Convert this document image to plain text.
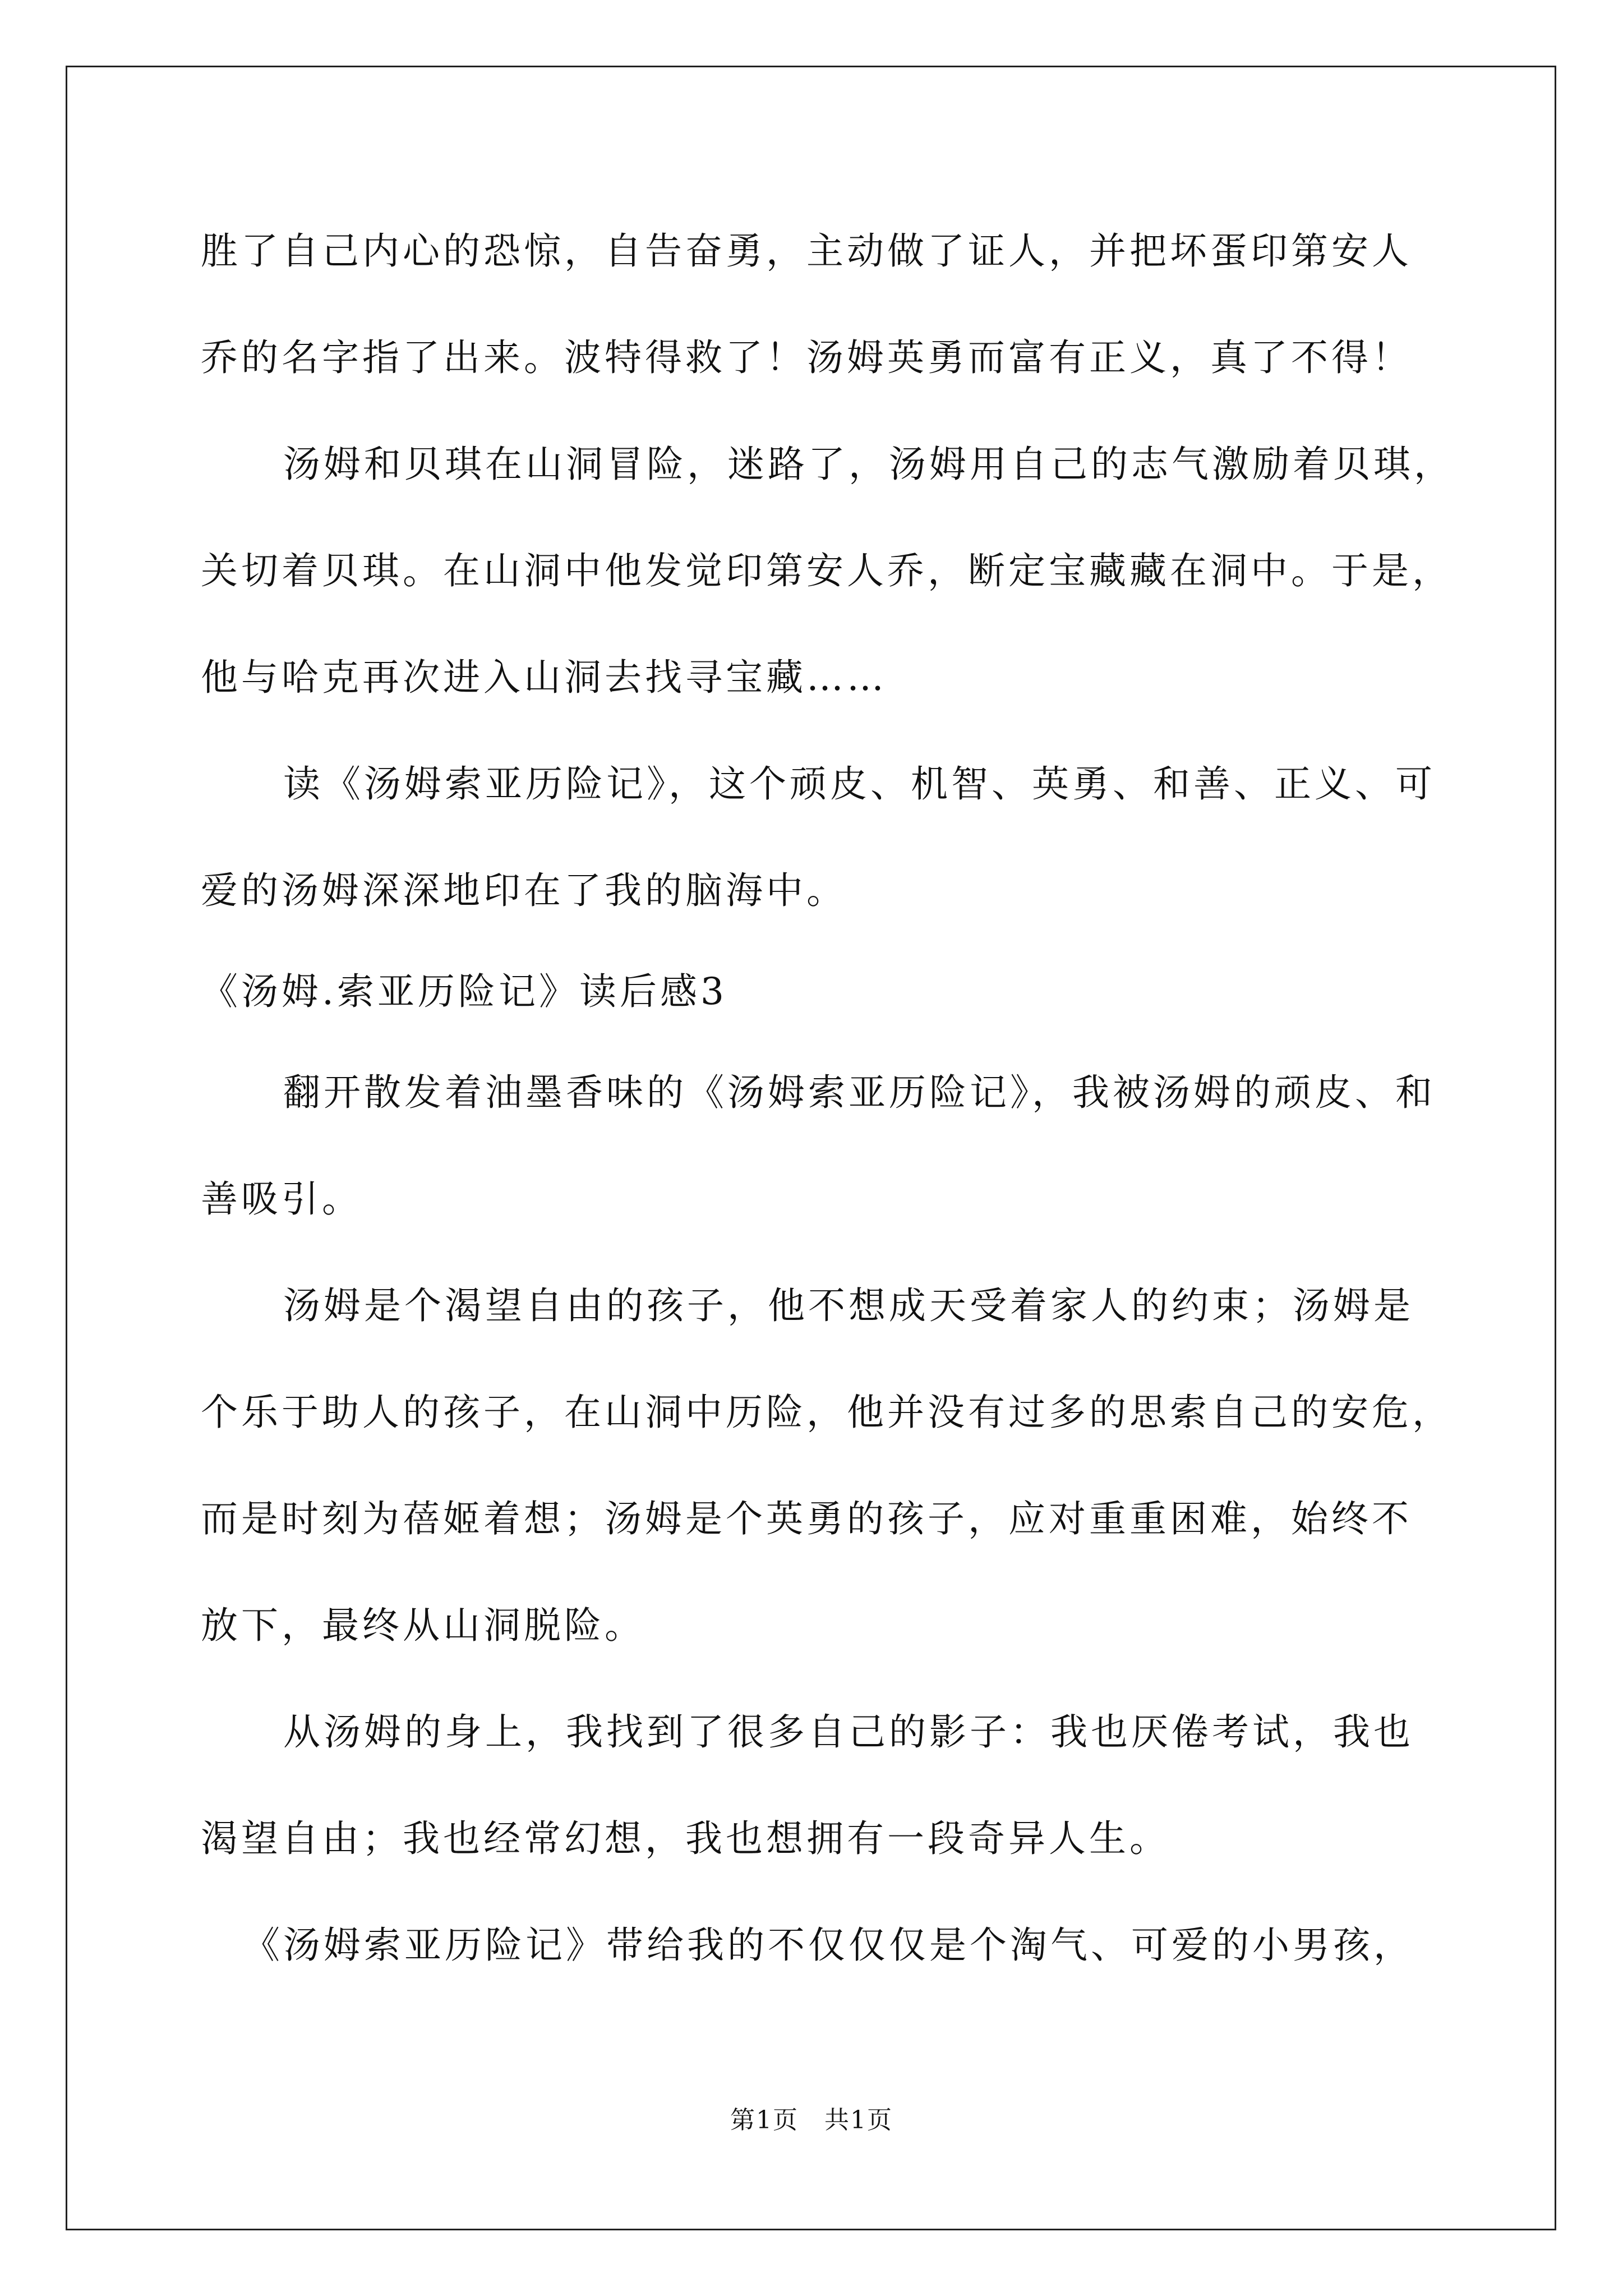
胜了自己内心的恐惊，自告奋勇，主动做了证人，并把坏蛋印第安人
乔的名字指了出来。波特得救了！汤姆英勇而富有正义，真了不得！
汤姆和贝琪在山洞冒险，迷路了，汤姆用自己的志气激励着贝琪，
关切着贝琪。在山洞中他发觉印第安人乔，断定宝藏藏在洞中。于是，
他与哈克再次进入山洞去找寻宝藏……
读《汤姆索亚历险记》，这个顽皮、机智、英勇、和善、正义、可
爱的汤姆深深地印在了我的脑海中。
《汤姆.索亚历险记》读后感3
翻开散发着油墨香味的《汤姆索亚历险记》，我被汤姆的顽皮、和
善吸引。
汤姆是个渴望自由的孩子，他不想成天受着家人的约束；汤姆是
个乐于助人的孩子，在山洞中历险，他并没有过多的思索自己的安危，
而是时刻为蓓姬着想；汤姆是个英勇的孩子，应对重重困难，始终不
放下，最终从山洞脱险。
从汤姆的身上，我找到了很多自己的影子：我也厌倦考试，我也
渴望自由；我也经常幻想，我也想拥有一段奇异人生。
《汤姆索亚历险记》带给我的不仅仅仅是个淘气、可爱的小男孩，
第1页　共1页
